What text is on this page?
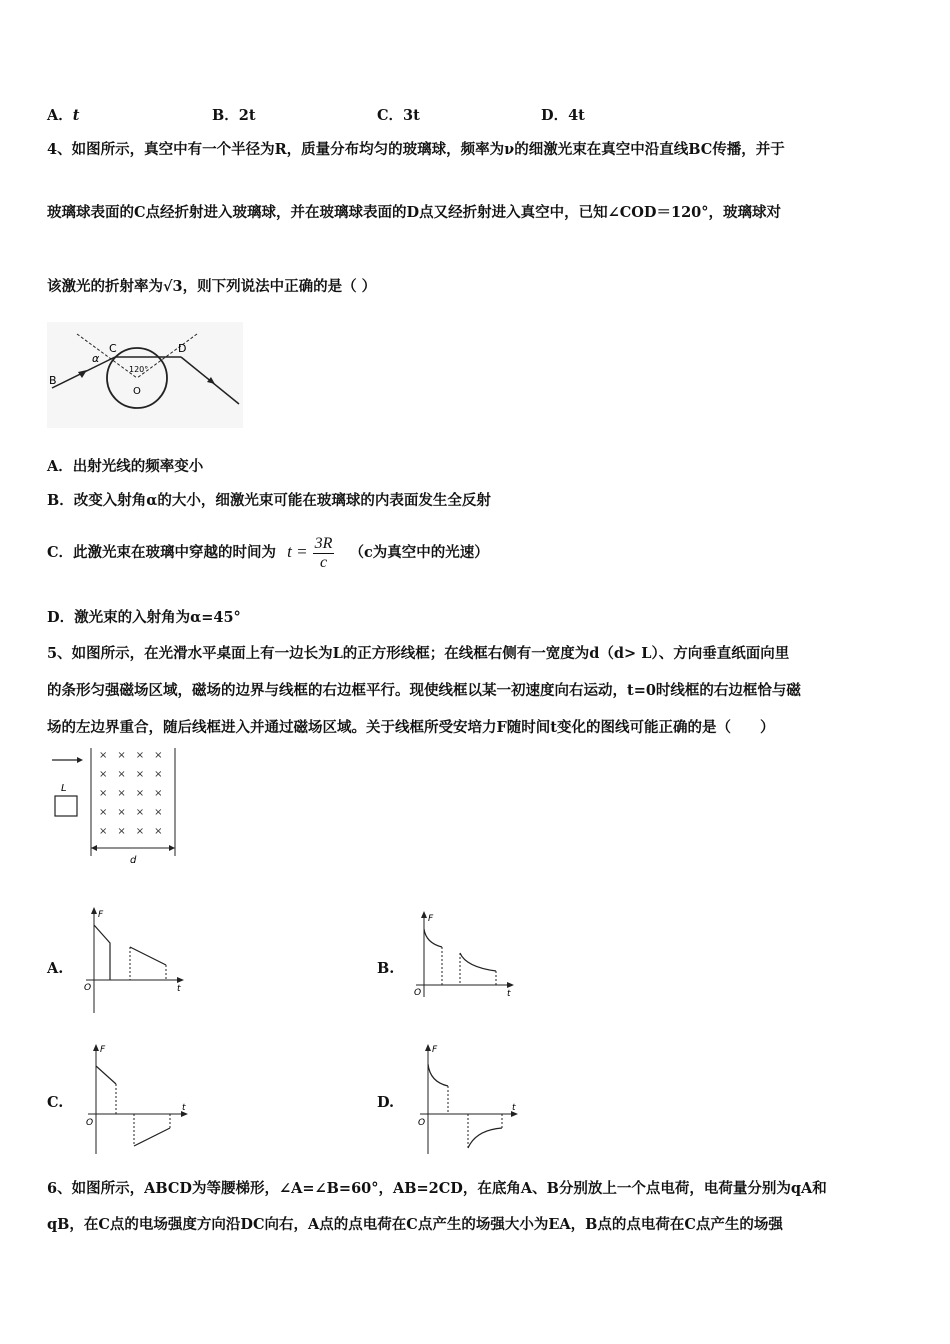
A．t	B．2t	C．3t	D．4t
4、如图所示，真空中有一个半径为R，质量分布均匀的玻璃球，频率为ν的细激光束在真空中沿直线BC传播，并于
玻璃球表面的C点经折射进入玻璃球，并在玻璃球表面的D点又经折射进入真空中，已知∠COD＝120°，玻璃球对
该激光的折射率为√3，则下列说法中正确的是（ ）
C	D
α
B
120°
O
A．出射光线的频率变小
B．改变入射角α的大小，细激光束可能在玻璃球的内表面发生全反射
C．此激光束在玻璃中穿越的时间为 $t = \frac{3R}{c} (c$为真空中的光速）
D．激光束的入射角为α=45°
5、如图所示，在光滑水平桌面上有一边长为L的正方形线框；在线框右侧有一宽度为d（d> L）、方向垂直纸面向里
的条形匀强磁场区域，磁场的边界与线框的右边框平行。现使线框以某一初速度向右运动，t=0时线框的右边框恰与磁
场的左边界重合，随后线框进入并通过磁场区域。关于线框所受安培力F随时间t变化的图线可能正确的是（　　）
L
×　×　×　×
×　×　×　×
×　×　×　×
×　×　×　×
×　×　×　×
d
A.	B.
C.	D.
F
O	t
F
O	t
F
O
t
F
O
t
6、如图所示，ABCD为等腰梯形，∠A=∠B=60°，AB=2CD，在底角A、B分别放上一个点电荷，电荷量分别为qA和
qB，在C点的电场强度方向沿DC向右，A点的点电荷在C点产生的场强大小为EA，B点的点电荷在C点产生的场强
